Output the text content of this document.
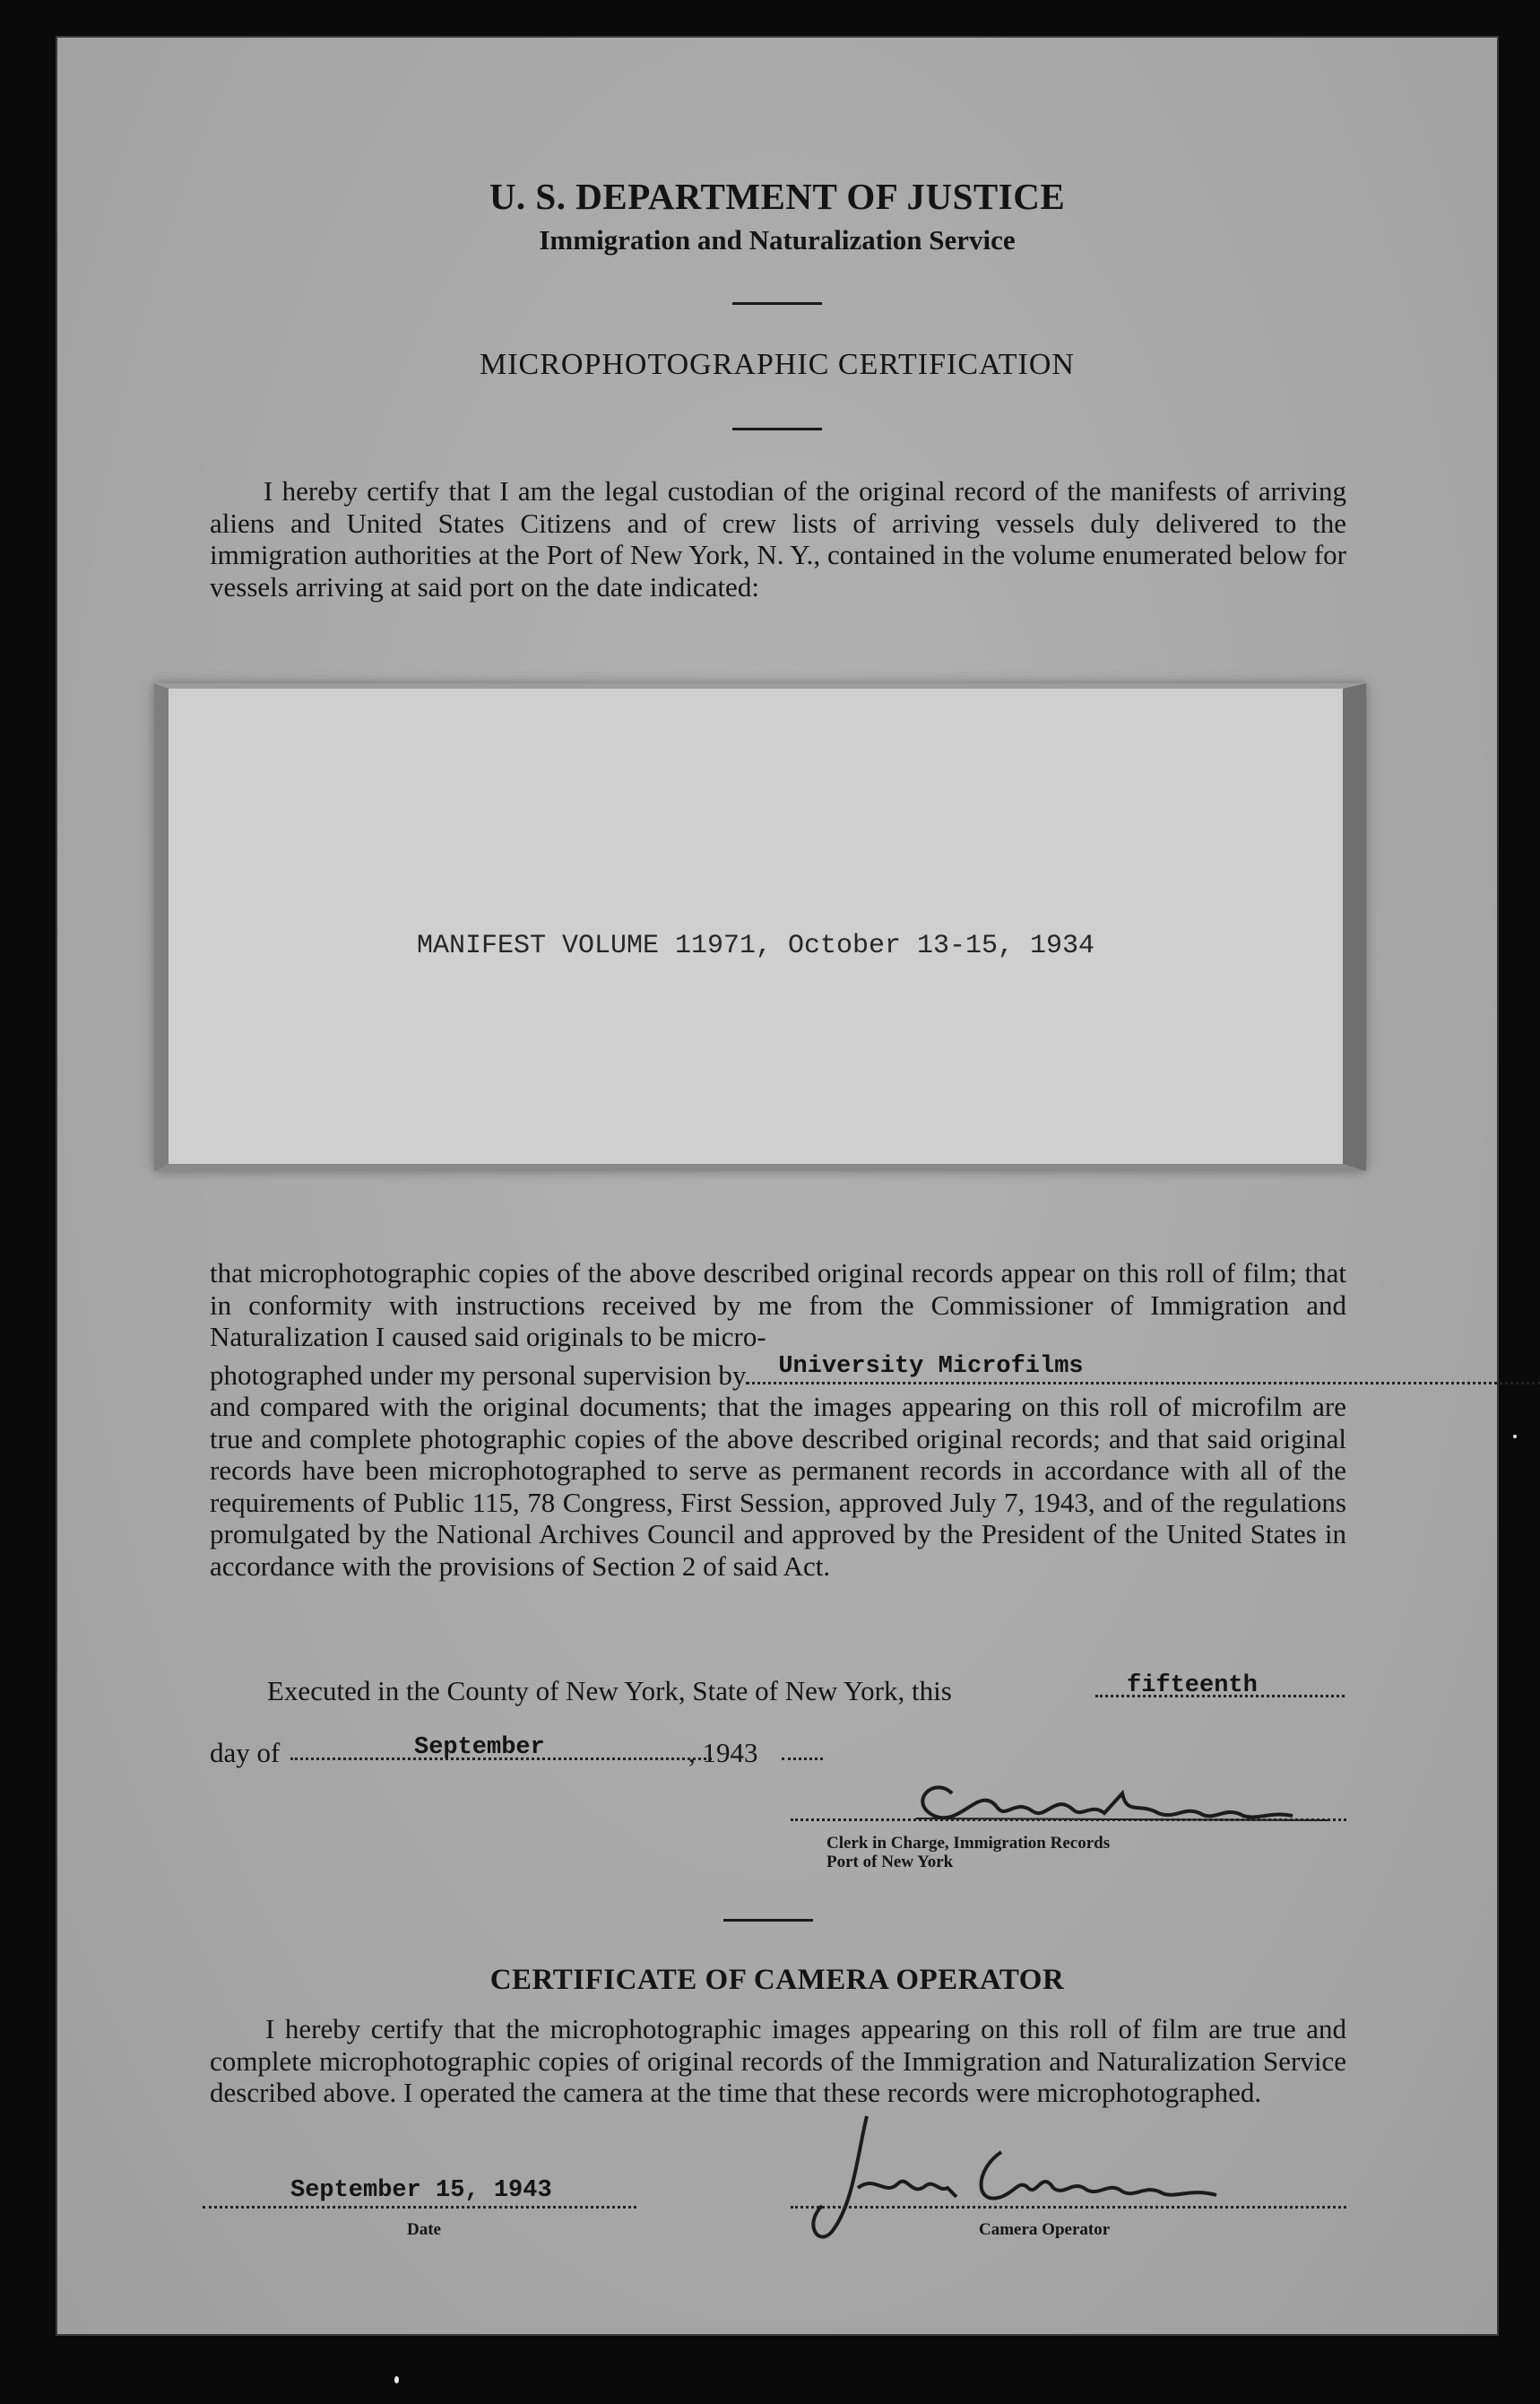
U. S. DEPARTMENT OF JUSTICE
Immigration and Naturalization Service
MICROPHOTOGRAPHIC CERTIFICATION

I hereby certify that I am the legal custodian of the original record of the manifests of arriving aliens and United States Citizens and of crew lists of arriving vessels duly delivered to the immigration authorities at the Port of New York, N. Y., contained in the volume enumerated below for vessels arriving at said port on the date indicated:

MANIFEST VOLUME 11971, October 13-15, 1934

that microphotographic copies of the above described original records appear on this roll of film; that in conformity with instructions received by me from the Commissioner of Immigration and Naturalization I caused said originals to be micro-

photographed under my personal supervision by University Microfilms

and compared with the original documents; that the images appearing on this roll of microfilm are true and complete photographic copies of the above described original records; and that said original records have been microphotographed to serve as permanent records in accordance with all of the requirements of Public 115, 78 Congress, First Session, approved July 7, 1943, and of the regulations promulgated by the National Archives Council and approved by the President of the United States in accordance with the provisions of Section 2 of said Act.

Executed in the County of New York, State of New York, this	fifteenth
day of	September	, 1943
Clerk in Charge, Immigration Records
Port of New York
CERTIFICATE OF CAMERA OPERATOR

I hereby certify that the microphotographic images appearing on this roll of film are true and complete microphotographic copies of original records of the Immigration and Naturalization Service described above. I operated the camera at the time that these records were microphotographed.

September 15, 1943
Date	Camera Operator
